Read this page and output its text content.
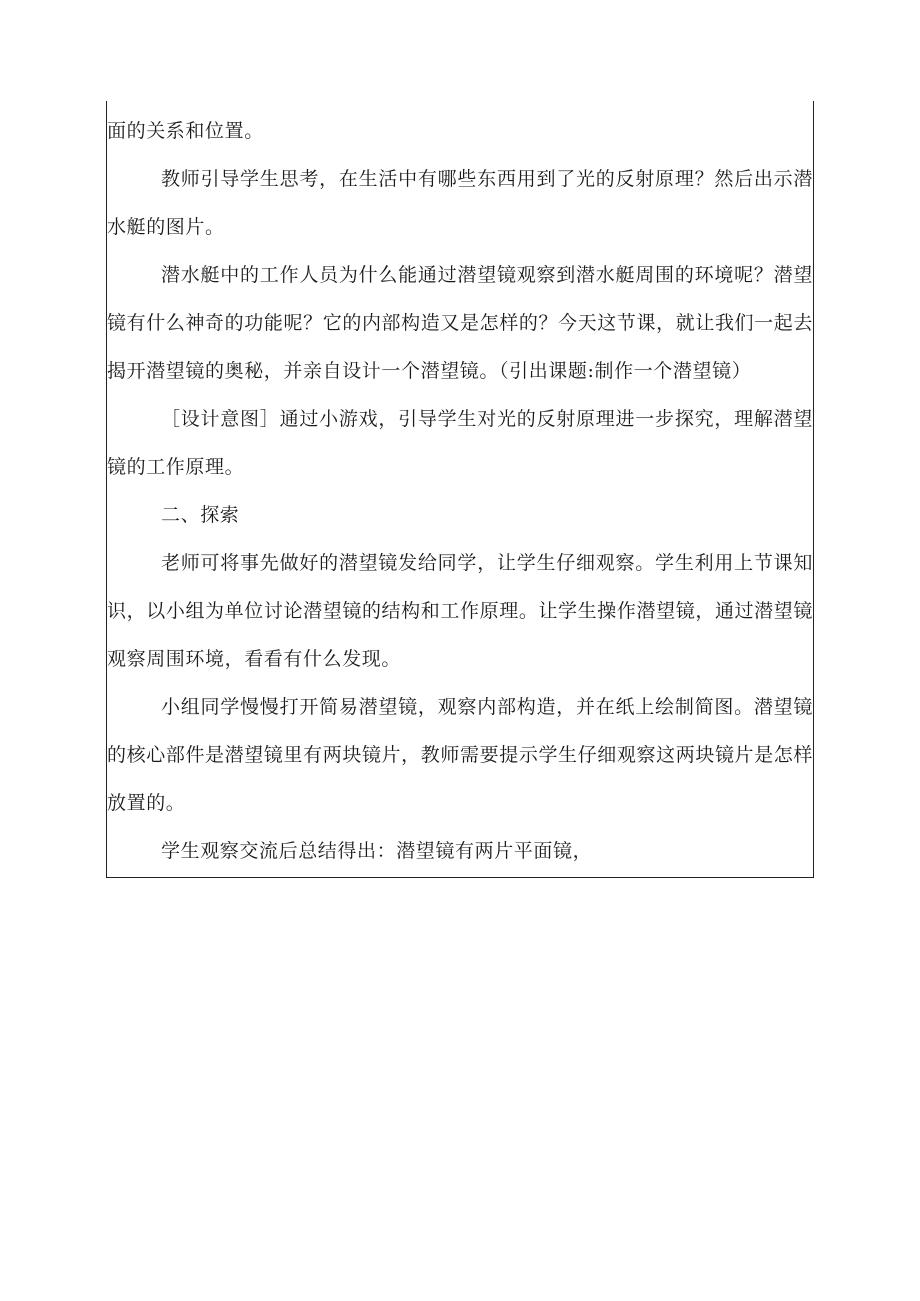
面的关系和位置。

教师引导学生思考，在生活中有哪些东西用到了光的反射原理？然后出示潜水艇的图片。

潜水艇中的工作人员为什么能通过潜望镜观察到潜水艇周围的环境呢？潜望镜有什么神奇的功能呢？它的内部构造又是怎样的？今天这节课，就让我们一起去揭开潜望镜的奥秘，并亲自设计一个潜望镜。（引出课题:制作一个潜望镜）

［设计意图］通过小游戏，引导学生对光的反射原理进一步探究，理解潜望镜的工作原理。

二、探索

老师可将事先做好的潜望镜发给同学，让学生仔细观察。学生利用上节课知识，以小组为单位讨论潜望镜的结构和工作原理。让学生操作潜望镜，通过潜望镜观察周围环境，看看有什么发现。

小组同学慢慢打开简易潜望镜，观察内部构造，并在纸上绘制简图。潜望镜的核心部件是潜望镜里有两块镜片，教师需要提示学生仔细观察这两块镜片是怎样放置的。

学生观察交流后总结得出：潜望镜有两片平面镜，
